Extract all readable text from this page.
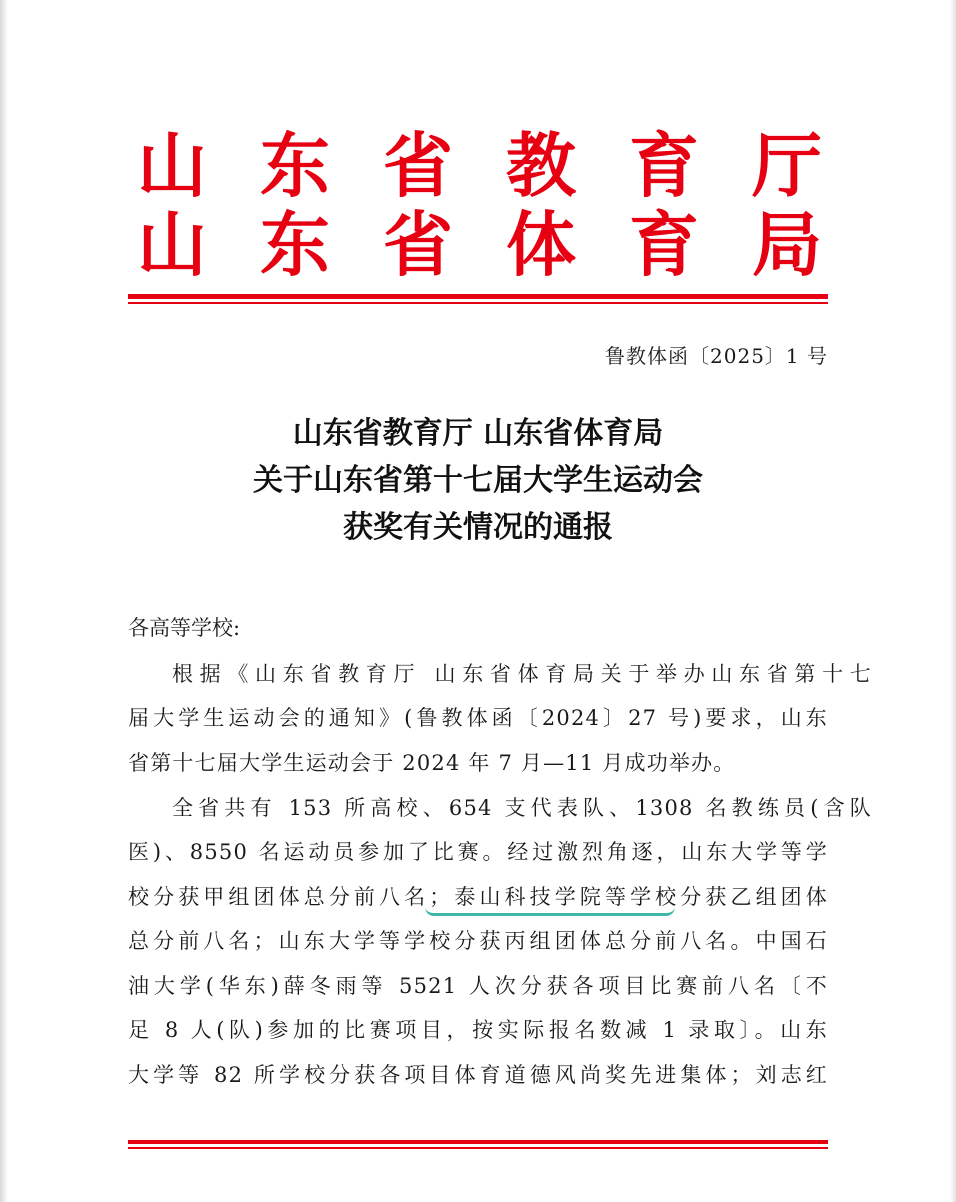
山 东 省 教 育 厅
山 东 省 体 育 局
鲁教体函〔2025〕1 号
山东省教育厅 山东省体育局
关于山东省第十七届大学生运动会
获奖有关情况的通报
各高等学校:
根据《山东省教育厅 山东省体育局关于举办山东省第十七
届大学生运动会的通知》(鲁教体函〔2024〕27 号)要求，山东
省第十七届大学生运动会于 2024 年 7 月—11 月成功举办。
全省共有 153 所高校、654 支代表队、1308 名教练员(含队
医)、8550 名运动员参加了比赛。经过激烈角逐，山东大学等学
校分获甲组团体总分前八名；泰山科技学院等学校分获乙组团体
总分前八名；山东大学等学校分获丙组团体总分前八名。中国石
油大学(华东)薛冬雨等 5521 人次分获各项目比赛前八名〔不
足 8 人(队)参加的比赛项目，按实际报名数减 1 录取〕。山东
大学等 82 所学校分获各项目体育道德风尚奖先进集体；刘志红
